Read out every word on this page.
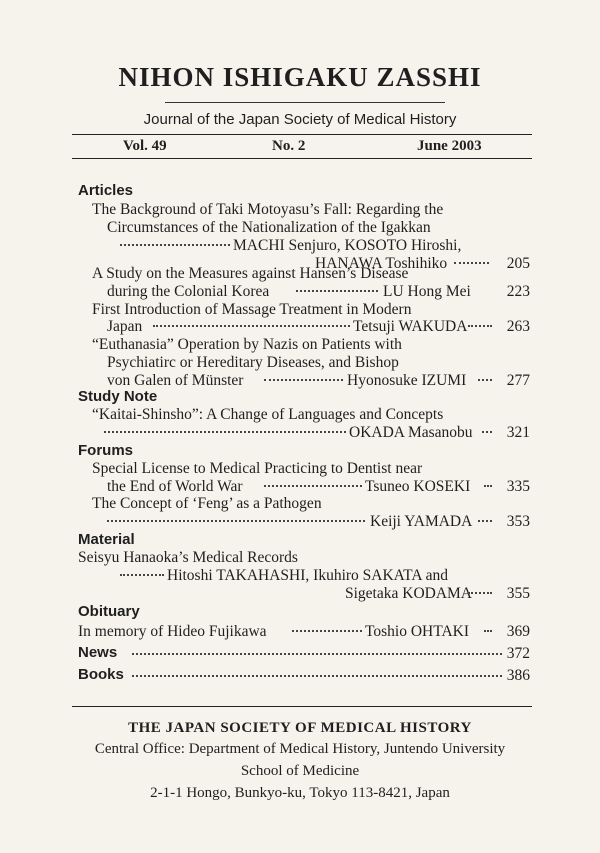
NIHON ISHIGAKU ZASSHI
Journal of the Japan Society of Medical History
Vol. 49	No. 2	June 2003
Articles
The Background of Taki Motoyasu’s Fall: Regarding the
Circumstances of the Nationalization of the Igakkan
MACHI Senjuro, KOSOTO Hiroshi,
HANAWA Toshihiko	205
A Study on the Measures against Hansen’s Disease
during the Colonial Korea	LU Hong Mei 223
First Introduction of Massage Treatment in Modern
Japan	Tetsuji WAKUDA	263
“Euthanasia” Operation by Nazis on Patients with
Psychiatirc or Hereditary Diseases, and Bishop
von Galen of Münster	Hyonosuke IZUMI	277
Study Note
“Kaitai-Shinsho”: A Change of Languages and Concepts
OKADA Masanobu 321
Forums
Special License to Medical Practicing to Dentist near
the End of World War	Tsuneo KOSEKI 335
The Concept of ‘Feng’ as a Pathogen
Keiji YAMADA 353
Material
Seisyu Hanaoka’s Medical Records
Hitoshi TAKAHASHI, Ikuhiro SAKATA and
Sigetaka KODAMA 355
Obituary
In memory of Hideo Fujikawa	Toshio OHTAKI 369
News	372
Books	386
THE JAPAN SOCIETY OF MEDICAL HISTORY
Central Office: Department of Medical History, Juntendo University
School of Medicine
2-1-1 Hongo, Bunkyo-ku, Tokyo 113-8421, Japan
